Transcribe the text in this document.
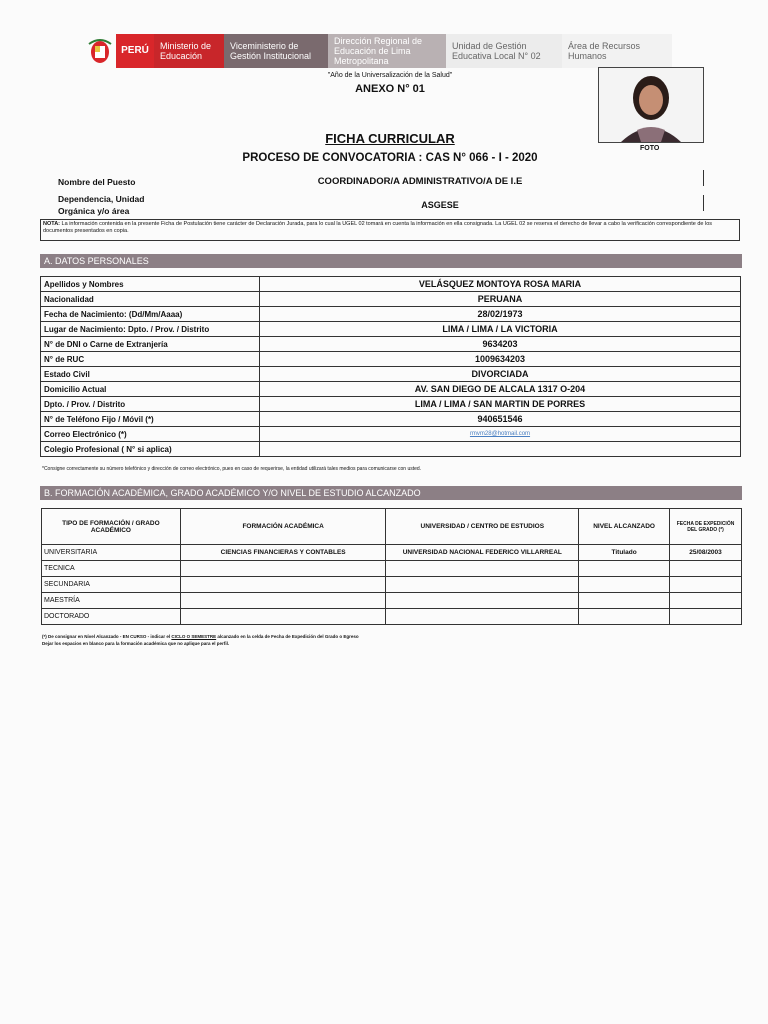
PERÚ	Ministerio de Educación
Viceministerio de Gestión Institucional
Dirección Regional de Educación de Lima Metropolitana
Unidad de Gestión Educativa Local N° 02
Área de Recursos Humanos
"Año de la Universalización de la Salud"
ANEXO N° 01
FOTO
FICHA CURRICULAR
PROCESO DE CONVOCATORIA : CAS N° 066 - I - 2020
Nombre del Puesto	COORDINADOR/A ADMINISTRATIVO/A DE I.E
Dependencia, Unidad
Orgánica y/o área
ASGESE
NOTA: La información contenida en la presente Ficha de Postulación tiene carácter de Declaración Jurada, para lo cual la UGEL 02 tomará en cuenta la información en ella consignada. La UGEL 02 se reserva el derecho de llevar a cabo la verificación correspondiente de los documentos presentados en copia.
A. DATOS PERSONALES
Apellidos y Nombres	VELÁSQUEZ MONTOYA ROSA MARIA
Nacionalidad	PERUANA
Fecha de Nacimiento: (Dd/Mm/Aaaa)	28/02/1973
Lugar de Nacimiento: Dpto. / Prov. / Distrito	LIMA / LIMA / LA VICTORIA
N° de DNI o Carne de Extranjería	9634203
N° de RUC	1009634203
Estado Civil	DIVORCIADA
Domicilio Actual	AV. SAN DIEGO DE ALCALA 1317 O-204
Dpto. / Prov. / Distrito	LIMA / LIMA / SAN MARTIN DE PORRES
N° de Teléfono Fijo / Móvil (*)	940651546
Correo Electrónico (*)	rmvm28@hotmail.com
Colegio Profesional ( N° si aplica)	
*Consigne correctamente su número telefónico y dirección de correo electrónico, pues en caso de requerirse, la entidad utilizará tales medios para comunicarse con usted.
B. FORMACIÓN ACADÉMICA, GRADO ACADÉMICO Y/O NIVEL DE ESTUDIO ALCANZADO
TIPO DE FORMACIÓN / GRADO ACADÉMICO	FORMACIÓN ACADÉMICA	UNIVERSIDAD / CENTRO DE ESTUDIOS	NIVEL ALCANZADO	FECHA DE EXPEDICIÓN DEL GRADO (*)
UNIVERSITARIA	CIENCIAS FINANCIERAS Y CONTABLES	UNIVERSIDAD NACIONAL FEDERICO VILLARREAL	Titulado	25/08/2003
TECNICA				
SECUNDARIA				
MAESTRÍA				
DOCTORADO				
(*) De consignar en Nivel Alcanzado - EN CURSO - indicar el CICLO O SEMESTRE alcanzado en la celda de Fecha de Expedición del Grado o Egreso
Dejar los espacios en blanco para la formación académica que no aplique para el perfil.
